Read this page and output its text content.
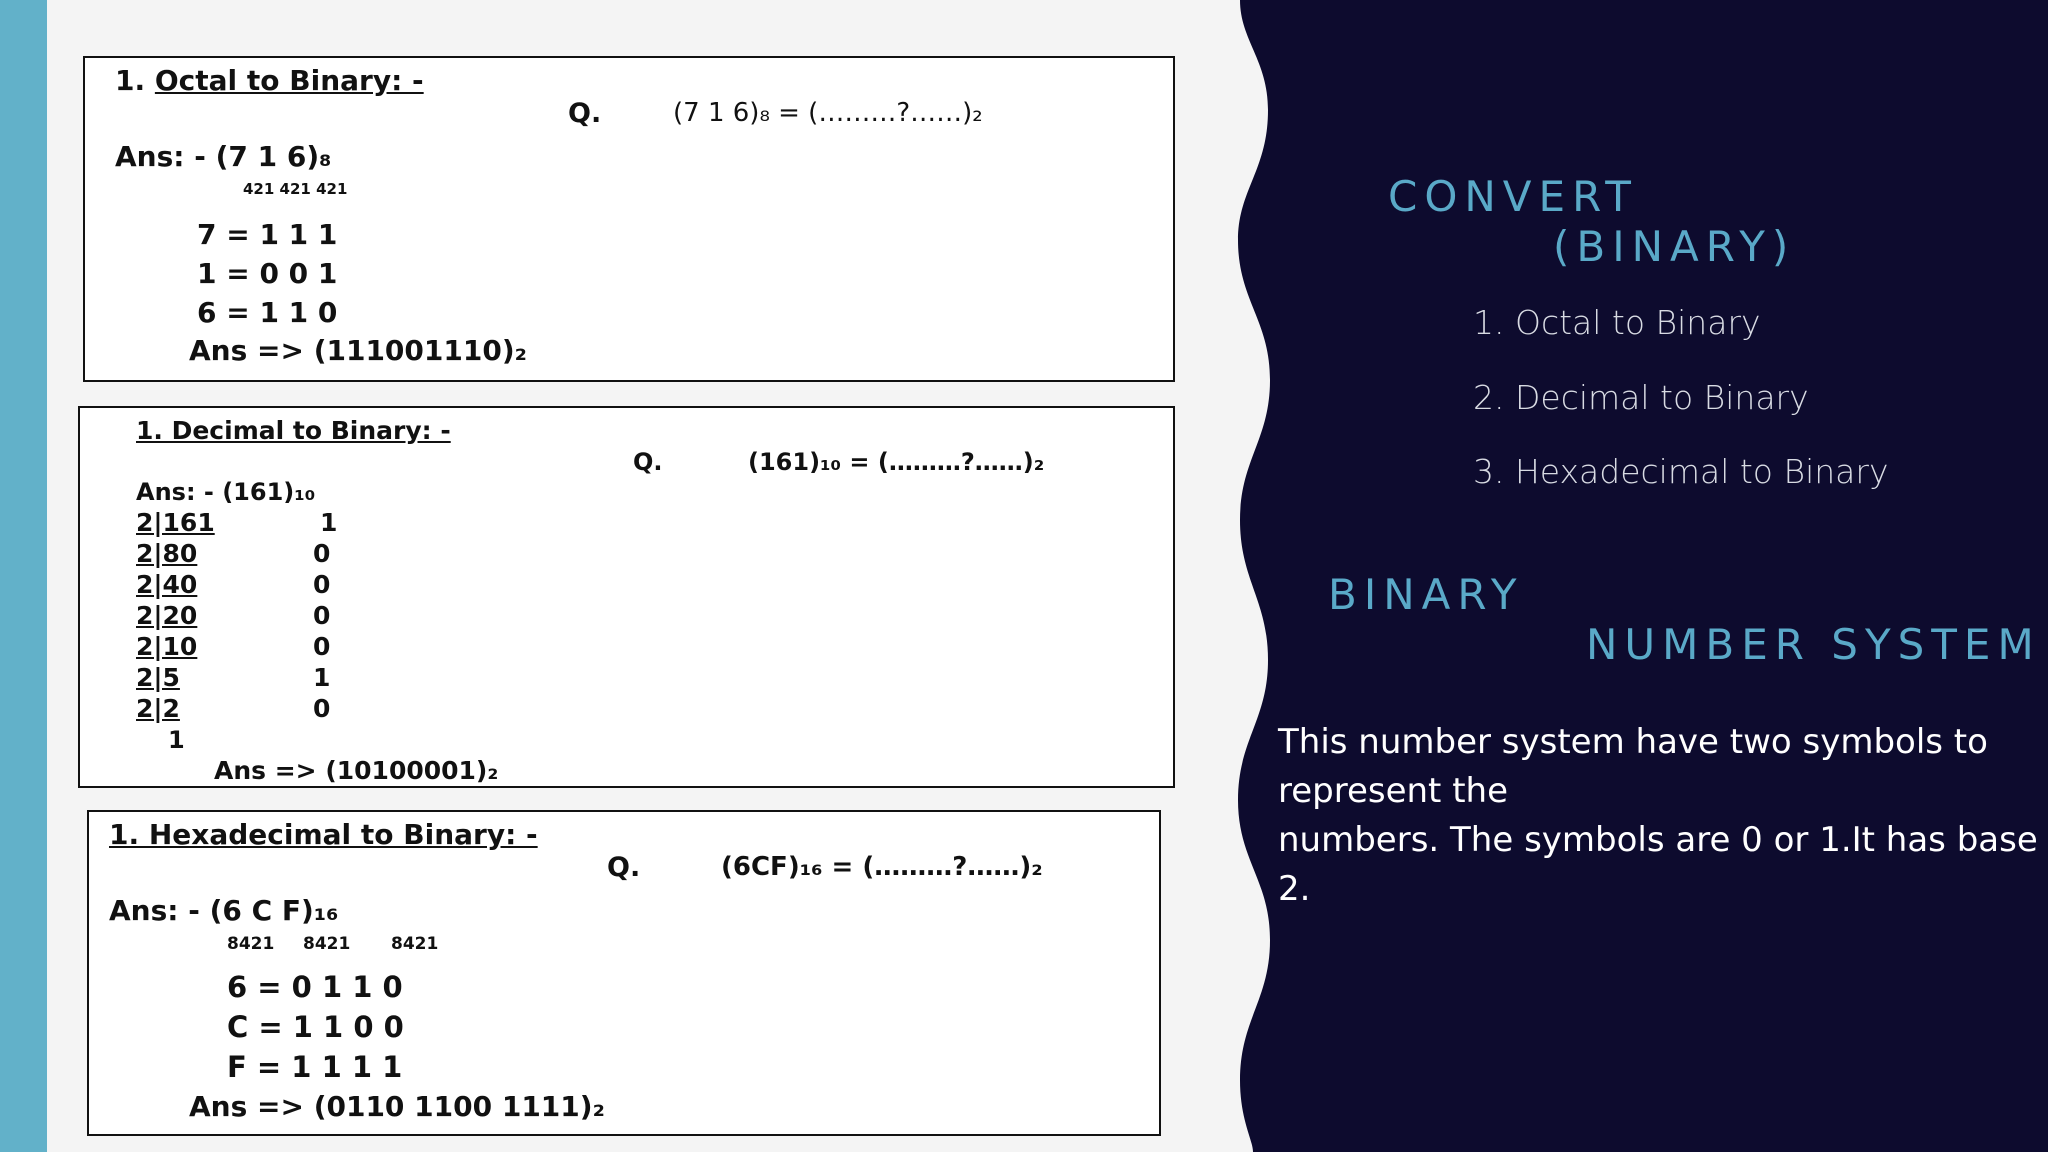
1. Octal to Binary: -
Q.	(7 1 6)₈ = (………?……)₂
Ans: - (7 1 6)₈
421 421 421
7 = 1 1 1
1 = 0 0 1
6 = 1 1 0
Ans => (111001110)₂
1. Decimal to Binary: -
Q.	(161)₁₀ = (………?……)₂
Ans: - (161)₁₀
2|161	1
2|80	0
2|40	0
2|20	0
2|10	0
2|5	1
2|2	0
1
Ans => (10100001)₂
1. Hexadecimal to Binary: -
Q.	(6CF)₁₆ = (………?……)₂
Ans: - (6 C F)₁₆
8421 8421 8421
6 = 0 1 1 0
C = 1 1 0 0
F = 1 1 1 1
Ans => (0110 1100 1111)₂
CONVERT
(BINARY)
1. Octal to Binary
2. Decimal to Binary
3. Hexadecimal to Binary
BINARY
NUMBER SYSTEM
This number system have two symbols to represent the
numbers. The symbols are 0 or 1.It has base 2.
